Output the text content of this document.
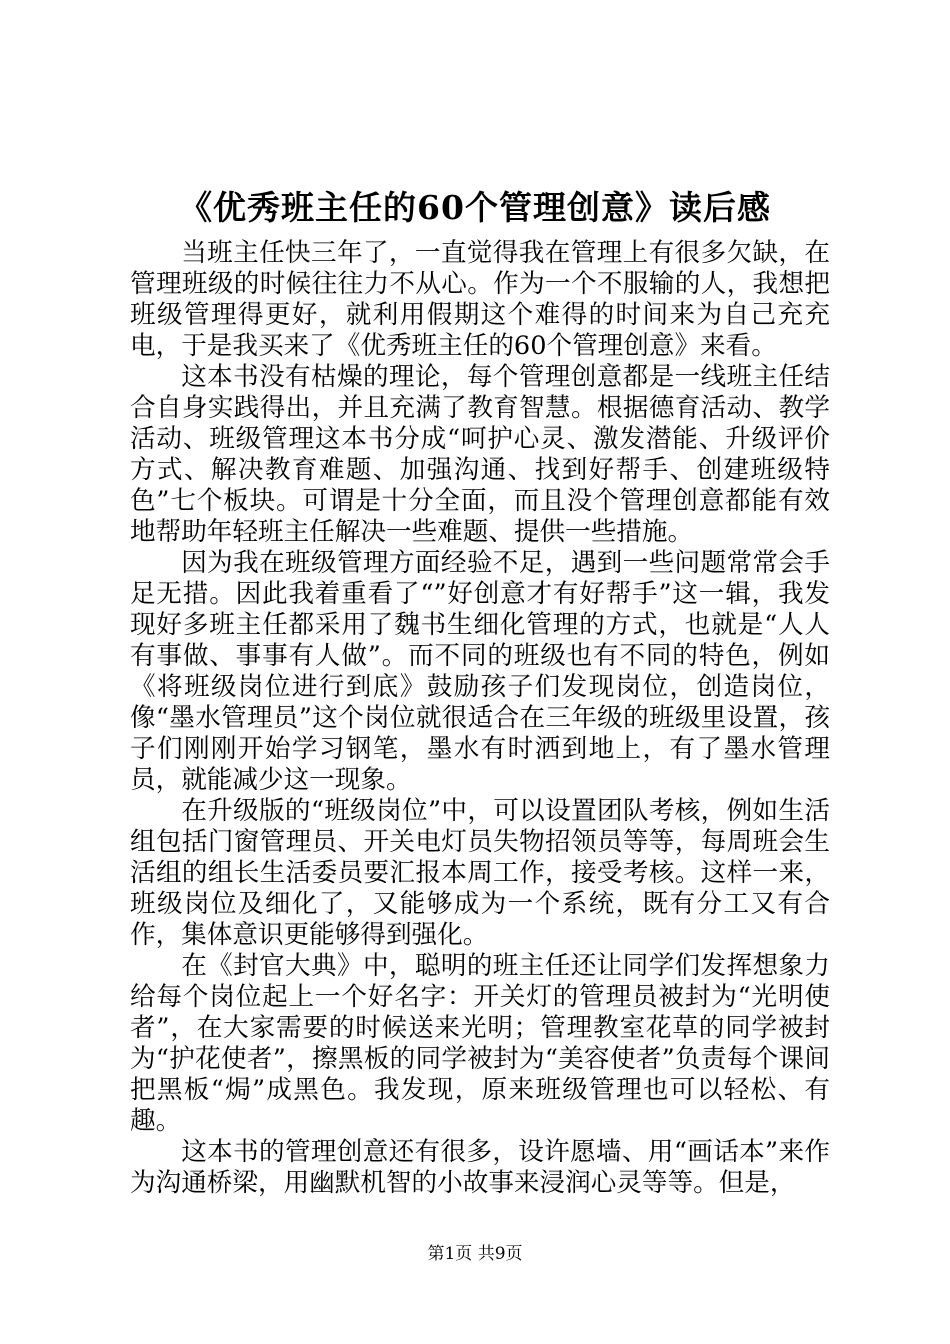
《优秀班主任的60个管理创意》读后感

当班主任快三年了，一直觉得我在管理上有很多欠缺，在管理班级的时候往往力不从心。作为一个不服输的人，我想把班级管理得更好，就利用假期这个难得的时间来为自己充充电，于是我买来了《优秀班主任的60个管理创意》来看。

这本书没有枯燥的理论，每个管理创意都是一线班主任结合自身实践得出，并且充满了教育智慧。根据德育活动、教学活动、班级管理这本书分成“呵护心灵、激发潜能、升级评价方式、解决教育难题、加强沟通、找到好帮手、创建班级特色”七个板块。可谓是十分全面，而且没个管理创意都能有效地帮助年轻班主任解决一些难题、提供一些措施。

因为我在班级管理方面经验不足，遇到一些问题常常会手足无措。因此我着重看了“”好创意才有好帮手”这一辑，我发现好多班主任都采用了魏书生细化管理的方式，也就是“人人有事做、事事有人做”。而不同的班级也有不同的特色，例如《将班级岗位进行到底》鼓励孩子们发现岗位，创造岗位，像“墨水管理员”这个岗位就很适合在三年级的班级里设置，孩子们刚刚开始学习钢笔，墨水有时洒到地上，有了墨水管理员，就能减少这一现象。

在升级版的“班级岗位”中，可以设置团队考核，例如生活组包括门窗管理员、开关电灯员失物招领员等等，每周班会生活组的组长生活委员要汇报本周工作，接受考核。这样一来，班级岗位及细化了，又能够成为一个系统，既有分工又有合作，集体意识更能够得到强化。

在《封官大典》中，聪明的班主任还让同学们发挥想象力给每个岗位起上一个好名字：开关灯的管理员被封为“光明使者”，在大家需要的时候送来光明；管理教室花草的同学被封为“护花使者”，擦黑板的同学被封为“美容使者”负责每个课间把黑板“焗”成黑色。我发现，原来班级管理也可以轻松、有趣。

这本书的管理创意还有很多，设许愿墙、用“画话本”来作为沟通桥梁，用幽默机智的小故事来浸润心灵等等。但是，

第1页 共9页
